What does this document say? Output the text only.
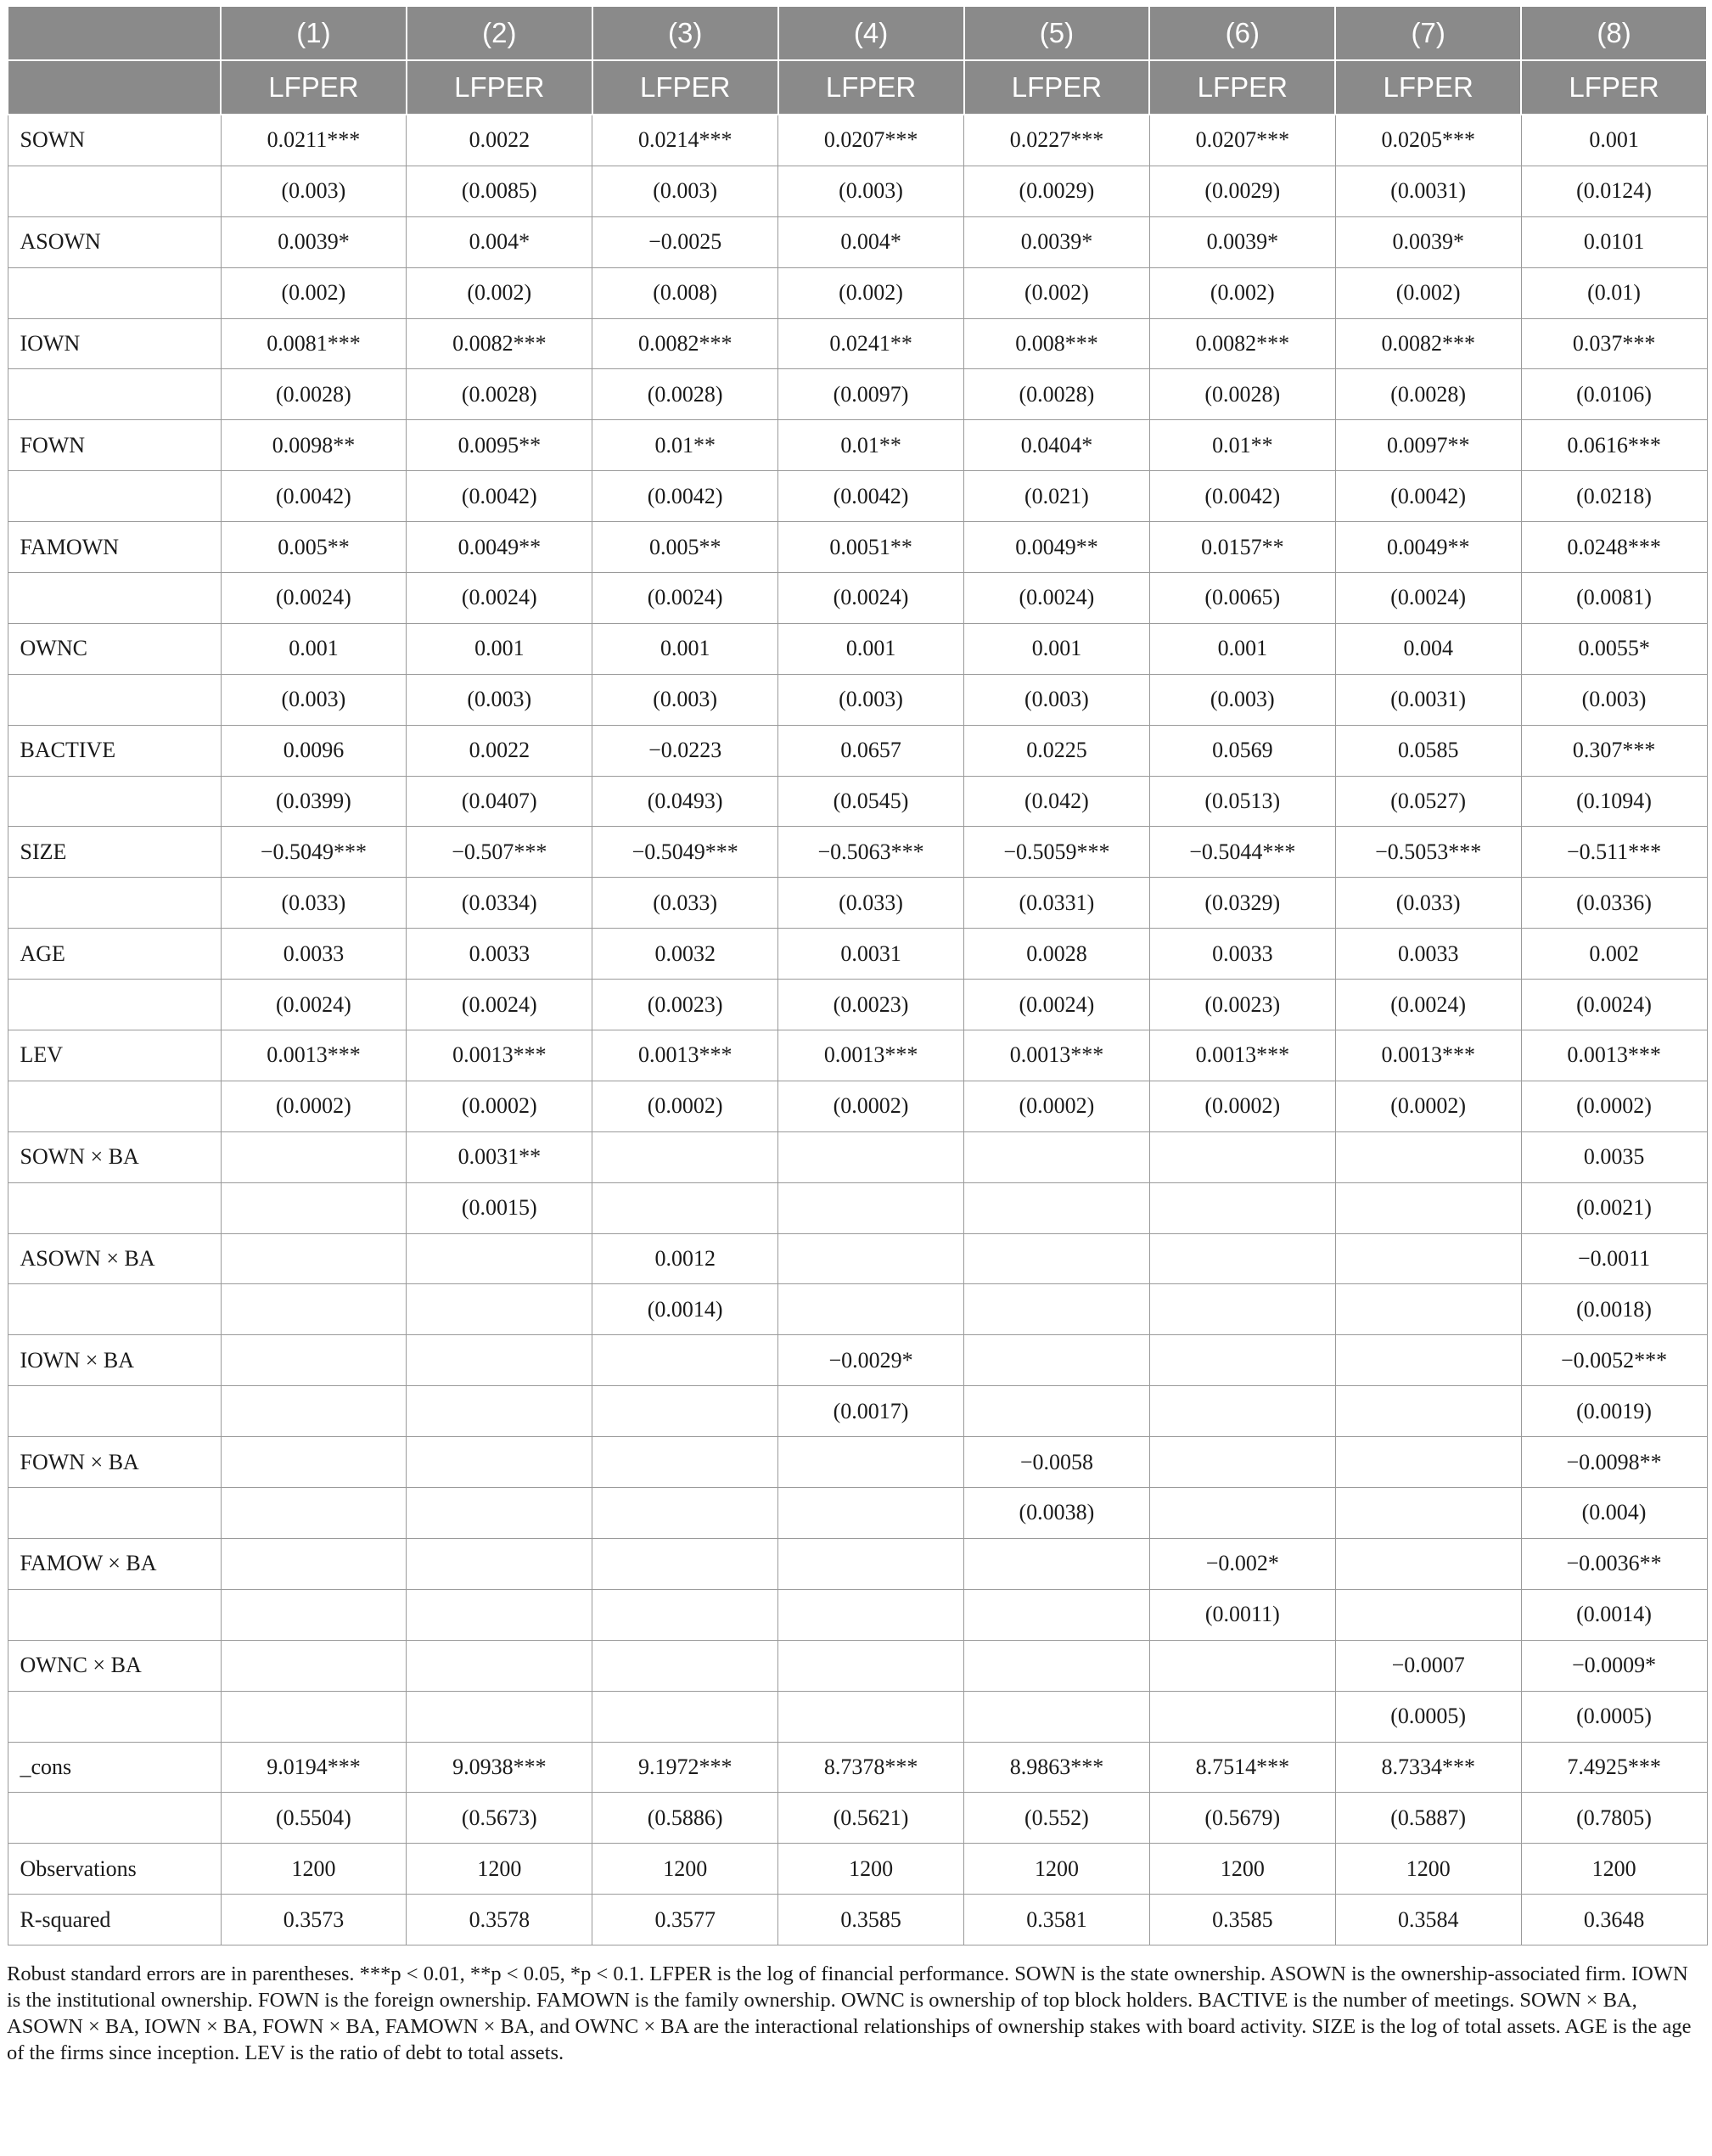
	(1)	(2)	(3)	(4)	(5)	(6)	(7)	(8)
	LFPER	LFPER	LFPER	LFPER	LFPER	LFPER	LFPER	LFPER
SOWN	0.0211***	0.0022	0.0214***	0.0207***	0.0227***	0.0207***	0.0205***	0.001
	(0.003)	(0.0085)	(0.003)	(0.003)	(0.0029)	(0.0029)	(0.0031)	(0.0124)
ASOWN	0.0039*	0.004*	−0.0025	0.004*	0.0039*	0.0039*	0.0039*	0.0101
	(0.002)	(0.002)	(0.008)	(0.002)	(0.002)	(0.002)	(0.002)	(0.01)
IOWN	0.0081***	0.0082***	0.0082***	0.0241**	0.008***	0.0082***	0.0082***	0.037***
	(0.0028)	(0.0028)	(0.0028)	(0.0097)	(0.0028)	(0.0028)	(0.0028)	(0.0106)
FOWN	0.0098**	0.0095**	0.01**	0.01**	0.0404*	0.01**	0.0097**	0.0616***
	(0.0042)	(0.0042)	(0.0042)	(0.0042)	(0.021)	(0.0042)	(0.0042)	(0.0218)
FAMOWN	0.005**	0.0049**	0.005**	0.0051**	0.0049**	0.0157**	0.0049**	0.0248***
	(0.0024)	(0.0024)	(0.0024)	(0.0024)	(0.0024)	(0.0065)	(0.0024)	(0.0081)
OWNC	0.001	0.001	0.001	0.001	0.001	0.001	0.004	0.0055*
	(0.003)	(0.003)	(0.003)	(0.003)	(0.003)	(0.003)	(0.0031)	(0.003)
BACTIVE	0.0096	0.0022	−0.0223	0.0657	0.0225	0.0569	0.0585	0.307***
	(0.0399)	(0.0407)	(0.0493)	(0.0545)	(0.042)	(0.0513)	(0.0527)	(0.1094)
SIZE	−0.5049***	−0.507***	−0.5049***	−0.5063***	−0.5059***	−0.5044***	−0.5053***	−0.511***
	(0.033)	(0.0334)	(0.033)	(0.033)	(0.0331)	(0.0329)	(0.033)	(0.0336)
AGE	0.0033	0.0033	0.0032	0.0031	0.0028	0.0033	0.0033	0.002
	(0.0024)	(0.0024)	(0.0023)	(0.0023)	(0.0024)	(0.0023)	(0.0024)	(0.0024)
LEV	0.0013***	0.0013***	0.0013***	0.0013***	0.0013***	0.0013***	0.0013***	0.0013***
	(0.0002)	(0.0002)	(0.0002)	(0.0002)	(0.0002)	(0.0002)	(0.0002)	(0.0002)
SOWN × BA		0.0031**						0.0035
		(0.0015)						(0.0021)
ASOWN × BA			0.0012					−0.0011
			(0.0014)					(0.0018)
IOWN × BA				−0.0029*				−0.0052***
				(0.0017)				(0.0019)
FOWN × BA					−0.0058			−0.0098**
					(0.0038)			(0.004)
FAMOW × BA						−0.002*		−0.0036**
						(0.0011)		(0.0014)
OWNC × BA							−0.0007	−0.0009*
							(0.0005)	(0.0005)
_cons	9.0194***	9.0938***	9.1972***	8.7378***	8.9863***	8.7514***	8.7334***	7.4925***
	(0.5504)	(0.5673)	(0.5886)	(0.5621)	(0.552)	(0.5679)	(0.5887)	(0.7805)
Observations	1200	1200	1200	1200	1200	1200	1200	1200
R-squared	0.3573	0.3578	0.3577	0.3585	0.3581	0.3585	0.3584	0.3648
Robust standard errors are in parentheses. ***p < 0.01, **p < 0.05, *p < 0.1. LFPER is the log of financial performance. SOWN is the state ownership. ASOWN is the ownership-associated firm. IOWN is the institutional ownership. FOWN is the foreign ownership. FAMOWN is the family ownership. OWNC is ownership of top block holders. BACTIVE is the number of meetings. SOWN × BA, ASOWN × BA, IOWN × BA, FOWN × BA, FAMOWN × BA, and OWNC × BA are the interactional relationships of ownership stakes with board activity. SIZE is the log of total assets. AGE is the age of the firms since inception. LEV is the ratio of debt to total assets.
